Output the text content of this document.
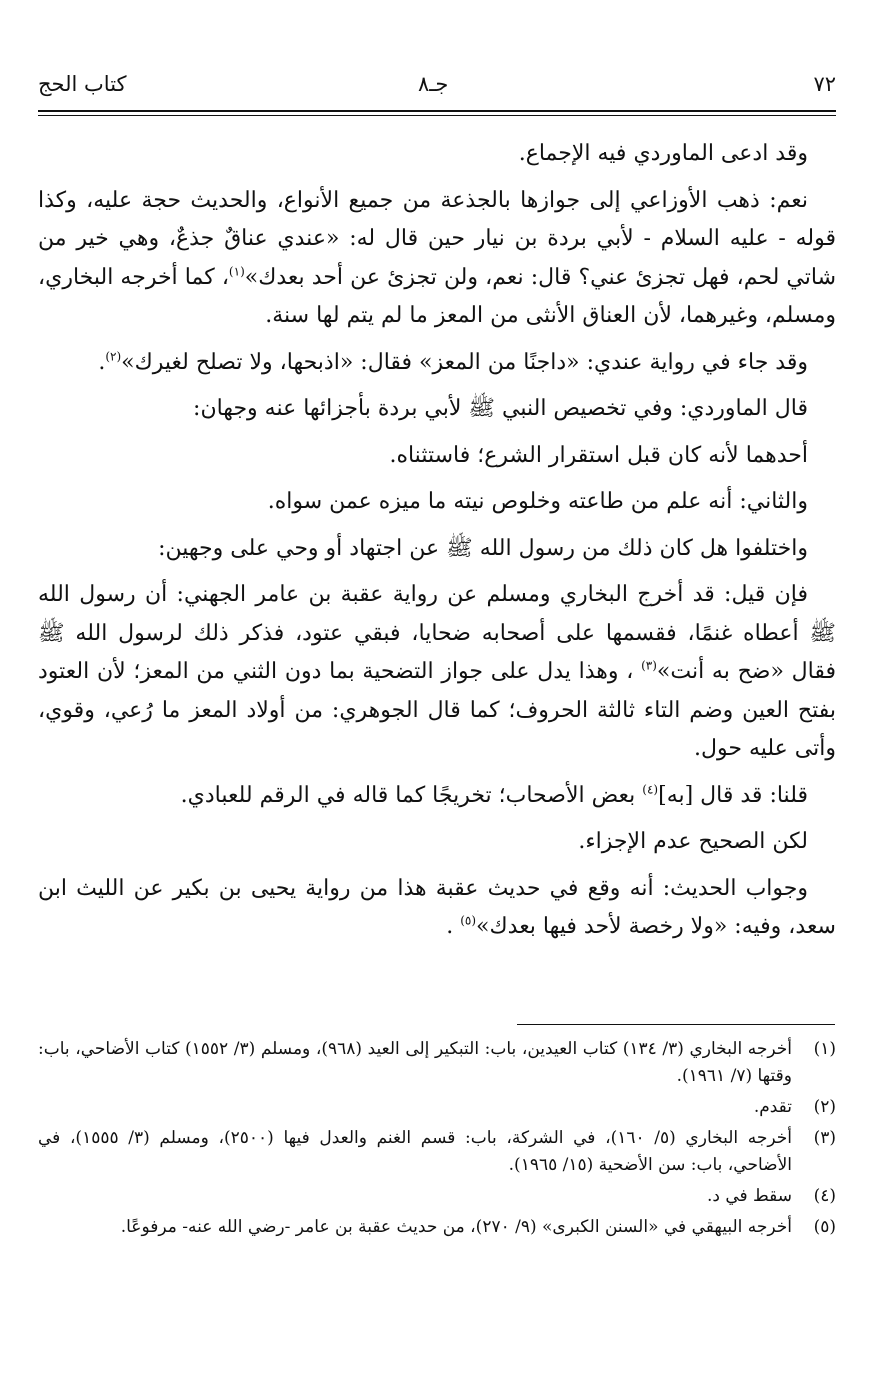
٧٢
جـ٨
كتاب الحج

وقد ادعى الماوردي فيه الإجماع.

نعم: ذهب الأوزاعي إلى جوازها بالجذعة من جميع الأنواع، والحديث حجة عليه، وكذا قوله - عليه السلام - لأبي بردة بن نيار حين قال له: «عندي عناقٌ جذعٌ، وهي خير من شاتي لحم، فهل تجزئ عني؟ قال: نعم، ولن تجزئ عن أحد بعدك»$^{(١)}$، كما أخرجه البخاري، ومسلم، وغيرهما، لأن العناق الأنثى من المعز ما لم يتم لها سنة.

وقد جاء في رواية عندي: «داجنًا من المعز» فقال: «اذبحها، ولا تصلح لغيرك»$^{(٢)}$.

قال الماوردي: وفي تخصيص النبي ﷺ لأبي بردة بأجزائها عنه وجهان:

أحدهما لأنه كان قبل استقرار الشرع؛ فاستثناه.

والثاني: أنه علم من طاعته وخلوص نيته ما ميزه عمن سواه.

واختلفوا هل كان ذلك من رسول الله ﷺ عن اجتهاد أو وحي على وجهين:

فإن قيل: قد أخرج البخاري ومسلم عن رواية عقبة بن عامر الجهني: أن رسول الله ﷺ أعطاه غنمًا، فقسمها على أصحابه ضحايا، فبقي عتود، فذكر ذلك لرسول الله ﷺ فقال «ضح به أنت»$^{(٣)}$ ، وهذا يدل على جواز التضحية بما دون الثني من المعز؛ لأن العتود بفتح العين وضم التاء ثالثة الحروف؛ كما قال الجوهري: من أولاد المعز ما رُعي، وقوي، وأتى عليه حول.

قلنا: قد قال [به]$^{(٤)}$ بعض الأصحاب؛ تخريجًا كما قاله في الرقم للعبادي.

لكن الصحيح عدم الإجزاء.

وجواب الحديث: أنه وقع في حديث عقبة هذا من رواية يحيى بن بكير عن الليث ابن سعد، وفيه: «ولا رخصة لأحد فيها بعدك»$^{(٥)}$ .

(١)
أخرجه البخاري (٣/ ١٣٤) كتاب العيدين، باب: التبكير إلى العيد (٩٦٨)، ومسلم (٣/ ١٥٥٢) كتاب الأضاحي، باب: وقتها (٧/ ١٩٦١).
(٢)
تقدم.
(٣)
أخرجه البخاري (٥/ ١٦٠)، في الشركة، باب: قسم الغنم والعدل فيها (٢٥٠٠)، ومسلم (٣/ ١٥٥٥)، في الأضاحي، باب: سن الأضحية (١٥/ ١٩٦٥).
(٤)
سقط في د.
(٥)
أخرجه البيهقي في «السنن الكبرى» (٩/ ٢٧٠)، من حديث عقبة بن عامر -رضي الله عنه- مرفوعًا.
